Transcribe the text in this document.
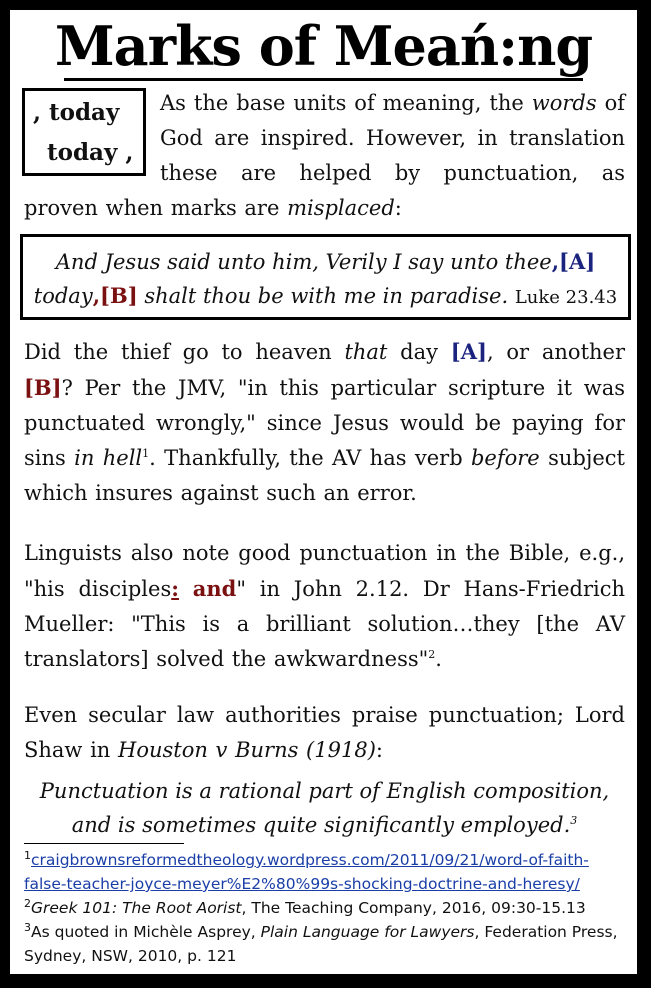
Marks of Meań:ng
, today
today ,
As the base units of meaning, the words of God are inspired. However, in translation these are helped by punctuation, as proven when marks are misplaced:
And Jesus said unto him, Verily I say unto thee,[A]
today,[B] shalt thou be with me in paradise. Luke 23.43
Did the thief go to heaven that day [A], or another [B]? Per the JMV, "in this particular scripture it was punctuated wrongly," since Jesus would be paying for sins in hell$^1$. Thankfully, the AV has verb before subject which insures against such an error.
Linguists also note good punctuation in the Bible, e.g., "his disciples: and" in John 2.12. Dr Hans-Friedrich Mueller: "This is a brilliant solution…they [the AV translators] solved the awkwardness"$^2$.
Even secular law authorities praise punctuation; Lord Shaw in Houston v Burns (1918):
Punctuation is a rational part of English composition, and is sometimes quite significantly employed.$^3$
$^1$craigbrownsreformedtheology.wordpress.com/2011/09/21/word-of-faith-false-teacher-joyce-meyer%E2%80%99s-shocking-doctrine-and-heresy/
$^2$Greek 101: The Root Aorist, The Teaching Company, 2016, 09:30-15.13
$^3$As quoted in Michèle Asprey, Plain Language for Lawyers, Federation Press, Sydney, NSW, 2010, p. 121
